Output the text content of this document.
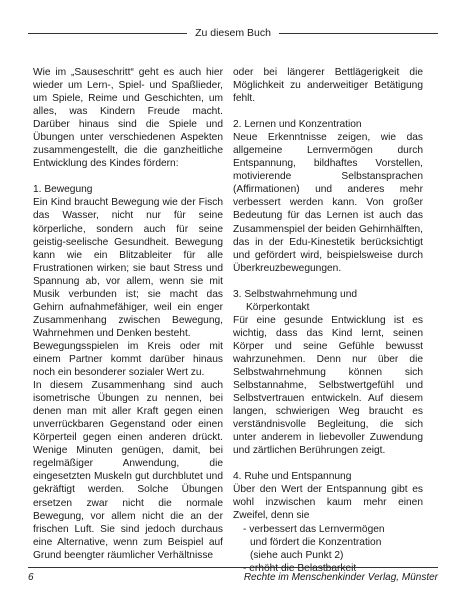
Zu diesem Buch

Wie im „Sauseschritt“ geht es auch hier wieder um Lern-, Spiel- und Spaßlieder, um Spiele, Reime und Geschichten, um alles, was Kindern Freude macht. Darüber hinaus sind die Spiele und Übungen unter verschiedenen Aspekten zusammengestellt, die die ganzheitliche Entwicklung des Kindes fördern:

1. Bewegung

Ein Kind braucht Bewegung wie der Fisch das Wasser, nicht nur für seine körperliche, sondern auch für seine geistig-seelische Gesundheit. Bewegung kann wie ein Blitzableiter für alle Frustrationen wirken; sie baut Stress und Spannung ab, vor allem, wenn sie mit Musik verbunden ist; sie macht das Gehirn aufnahmefähiger, weil ein enger Zusammenhang zwischen Bewegung, Wahrnehmen und Denken besteht.

Bewegungsspielen im Kreis oder mit einem Partner kommt darüber hinaus noch ein besonderer sozialer Wert zu.

In diesem Zusammenhang sind auch isometrische Übungen zu nennen, bei denen man mit aller Kraft gegen einen unverrückbaren Gegenstand oder einen Körperteil gegen einen anderen drückt. Wenige Minuten genügen, damit, bei regelmäßiger Anwendung, die eingesetzten Muskeln gut durchblutet und gekräftigt werden. Solche Übungen ersetzen zwar nicht die normale Bewegung, vor allem nicht die an der frischen Luft. Sie sind jedoch durchaus eine Alternative, wenn zum Beispiel auf Grund beengter räumlicher Verhältnisse

oder bei längerer Bettlägerigkeit die Möglichkeit zu anderweitiger Betätigung fehlt.

2. Lernen und Konzentration

Neue Erkenntnisse zeigen, wie das allgemeine Lernvermögen durch Entspannung, bildhaftes Vorstellen, motivierende Selbstansprachen (Affirmationen) und anderes mehr verbessert werden kann. Von großer Bedeutung für das Lernen ist auch das Zusammenspiel der beiden Gehirnhälften, das in der Edu-Kinestetik berücksichtigt und gefördert wird, beispielsweise durch Überkreuzbewegungen.

3. Selbstwahrnehmung und
Körperkontakt

Für eine gesunde Entwicklung ist es wichtig, dass das Kind lernt, seinen Körper und seine Gefühle bewusst wahrzunehmen. Denn nur über die Selbstwahrnehmung können sich Selbstannahme, Selbstwertgefühl und Selbstvertrauen entwickeln. Auf diesem langen, schwierigen Weg braucht es verständnisvolle Begleitung, die sich unter anderem in liebevoller Zuwendung und zärtlichen Berührungen zeigt.

4. Ruhe und Entspannung

Über den Wert der Entspannung gibt es wohl inzwischen kaum mehr einen Zweifel, denn sie

- verbessert das Lernvermögen
und fördert die Konzentration
(siehe auch Punkt 2)
- erhöht die Belastbarkeit
6	Rechte im Menschenkinder Verlag, Münster
